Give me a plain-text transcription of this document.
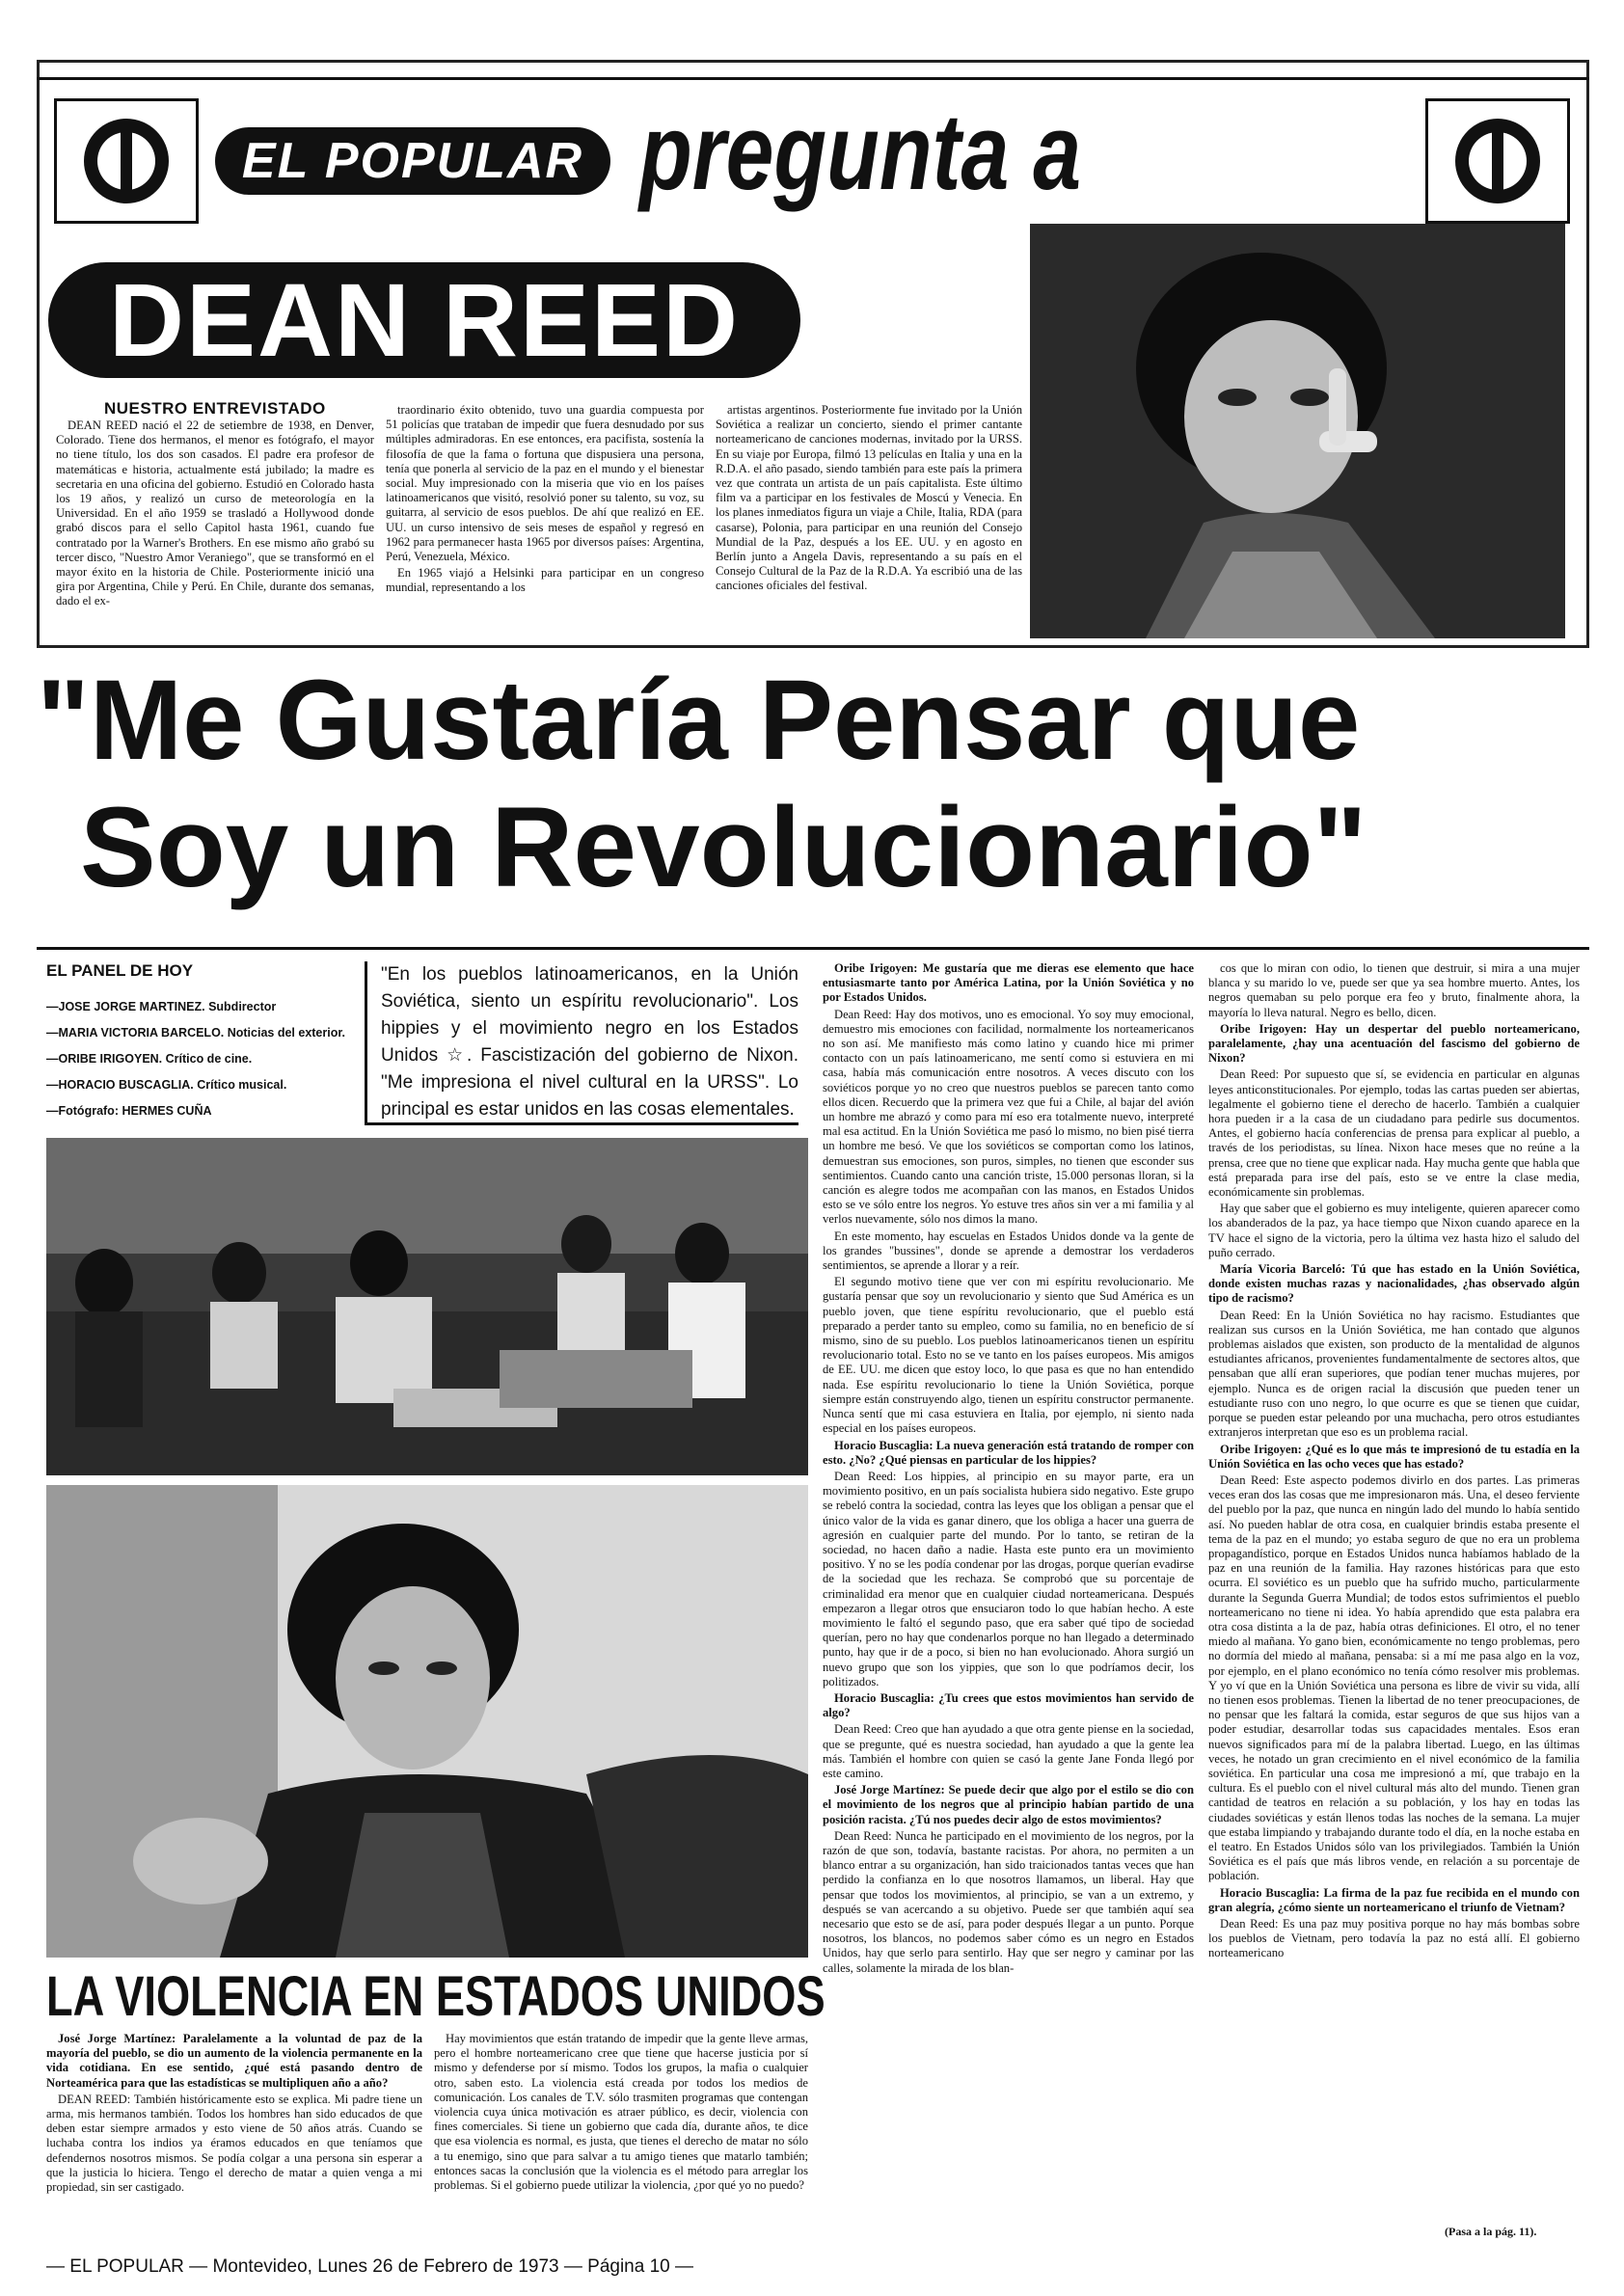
EL POPULAR pregunta a
DEAN REED
NUESTRO ENTREVISTADO

DEAN REED nació el 22 de setiembre de 1938, en Denver, Colorado. Tiene dos hermanos, el menor es fotógrafo, el mayor no tiene título, los dos son casados. El padre era profesor de matemáticas e historia, actualmente está jubilado; la madre es secretaria en una oficina del gobierno. Estudió en Colorado hasta los 19 años, y realizó un curso de meteorología en la Universidad. En el año 1959 se trasladó a Hollywood donde grabó discos para el sello Capitol hasta 1961, cuando fue contratado por la Warner's Brothers. En ese mismo año grabó su tercer disco, "Nuestro Amor Veraniego", que se transformó en el mayor éxito en la historia de Chile. Posteriormente inició una gira por Argentina, Chile y Perú. En Chile, durante dos semanas, dado el ex-

traordinario éxito obtenido, tuvo una guardia compuesta por 51 policías que trataban de impedir que fuera desnudado por sus múltiples admiradoras. En ese entonces, era pacifista, sostenía la filosofía de que la fama o fortuna que dispusiera una persona, tenía que ponerla al servicio de la paz en el mundo y el bienestar social. Muy impresionado con la miseria que vio en los países latinoamericanos que visitó, resolvió poner su talento, su voz, su guitarra, al servicio de esos pueblos. De ahí que realizó en EE. UU. un curso intensivo de seis meses de español y regresó en 1962 para permanecer hasta 1965 por diversos países: Argentina, Perú, Venezuela, México.

En 1965 viajó a Helsinki para participar en un congreso mundial, representando a los

artistas argentinos. Posteriormente fue invitado por la Unión Soviética a realizar un concierto, siendo el primer cantante norteamericano de canciones modernas, invitado por la URSS. En su viaje por Europa, filmó 13 películas en Italia y una en la R.D.A. el año pasado, siendo también para este país la primera vez que contrata un artista de un país capitalista. Este último film va a participar en los festivales de Moscú y Venecia. En los planes inmediatos figura un viaje a Chile, Italia, RDA (para casarse), Polonia, para participar en una reunión del Consejo Mundial de la Paz, después a los EE. UU. y en agosto en Berlín junto a Angela Davis, representando a su país en el Consejo Cultural de la Paz de la R.D.A. Ya escribió una de las canciones oficiales del festival.

"Me Gustaría Pensar que
Soy un Revolucionario"
EL PANEL DE HOY
—JOSE JORGE MARTINEZ. Subdirector
—MARIA VICTORIA BARCELO. Noticias del exterior.
—ORIBE IRIGOYEN. Crítico de cine.
—HORACIO BUSCAGLIA. Crítico musical.
—Fotógrafo: HERMES CUÑA
"En los pueblos latinoamericanos, en la Unión Soviética, siento un espíritu revolucionario". Los hippies y el movimiento negro en los Estados Unidos ☆. Fascistización del gobierno de Nixon. "Me impresiona el nivel cultural en la URSS". Lo principal es estar unidos en las cosas elementales.
LA VIOLENCIA EN ESTADOS UNIDOS

José Jorge Martínez: Paralelamente a la voluntad de paz de la mayoría del pueblo, se dio un aumento de la violencia permanente en la vida cotidiana. En ese sentido, ¿qué está pasando dentro de Norteamérica para que las estadísticas se multipliquen año a año?

DEAN REED: También históricamente esto se explica. Mi padre tiene un arma, mis hermanos también. Todos los hombres han sido educados de que deben estar siempre armados y esto viene de 50 años atrás. Cuando se luchaba contra los indios ya éramos educados en que teníamos que defendernos nosotros mismos. Se podía colgar a una persona sin esperar a que la justicia lo hiciera. Tengo el derecho de matar a quien venga a mi propiedad, sin ser castigado.

Hay movimientos que están tratando de impedir que la gente lleve armas, pero el hombre norteamericano cree que tiene que hacerse justicia por sí mismo y defenderse por sí mismo. Todos los grupos, la mafia o cualquier otro, saben esto. La violencia está creada por todos los medios de comunicación. Los canales de T.V. sólo trasmiten programas que contengan violencia cuya única motivación es atraer público, es decir, violencia con fines comerciales. Si tiene un gobierno que cada día, durante años, te dice que esa violencia es normal, es justa, que tienes el derecho de matar no sólo a tu enemigo, sino que para salvar a tu amigo tienes que matarlo también; entonces sacas la conclusión que la violencia es el método para arreglar los problemas. Si el gobierno puede utilizar la violencia, ¿por qué yo no puedo?

Oribe Irigoyen: Me gustaría que me dieras ese elemento que hace entusiasmarte tanto por América Latina, por la Unión Soviética y no por Estados Unidos.

Dean Reed: Hay dos motivos, uno es emocional. Yo soy muy emocional, demuestro mis emociones con facilidad, normalmente los norteamericanos no son así. Me manifiesto más como latino y cuando hice mi primer contacto con un país latinoamericano, me sentí como si estuviera en mi casa, había más comunicación entre nosotros. A veces discuto con los soviéticos porque yo no creo que nuestros pueblos se parecen tanto como ellos dicen. Recuerdo que la primera vez que fui a Chile, al bajar del avión un hombre me abrazó y como para mí eso era totalmente nuevo, interpreté mal esa actitud. En la Unión Soviética me pasó lo mismo, no bien pisé tierra un hombre me besó. Ve que los soviéticos se comportan como los latinos, demuestran sus emociones, son puros, simples, no tienen que esconder sus sentimientos. Cuando canto una canción triste, 15.000 personas lloran, si la canción es alegre todos me acompañan con las manos, en Estados Unidos esto se ve sólo entre los negros. Yo estuve tres años sin ver a mi familia y al verlos nuevamente, sólo nos dimos la mano.

En este momento, hay escuelas en Estados Unidos donde va la gente de los grandes "bussines", donde se aprende a demostrar los verdaderos sentimientos, se aprende a llorar y a reír.

El segundo motivo tiene que ver con mi espíritu revolucionario. Me gustaría pensar que soy un revolucionario y siento que Sud América es un pueblo joven, que tiene espíritu revolucionario, que el pueblo está preparado a perder tanto su empleo, como su familia, no en beneficio de sí mismo, sino de su pueblo. Los pueblos latinoamericanos tienen un espíritu revolucionario total. Esto no se ve tanto en los países europeos. Mis amigos de EE. UU. me dicen que estoy loco, lo que pasa es que no han entendido nada. Ese espíritu revolucionario lo tiene la Unión Soviética, porque siempre están construyendo algo, tienen un espíritu constructor permanente. Nunca sentí que mi casa estuviera en Italia, por ejemplo, ni siento nada especial en los países europeos.

Horacio Buscaglia: La nueva generación está tratando de romper con esto. ¿No? ¿Qué piensas en particular de los hippies?

Dean Reed: Los hippies, al principio en su mayor parte, era un movimiento positivo, en un país socialista hubiera sido negativo. Este grupo se rebeló contra la sociedad, contra las leyes que los obligan a pensar que el único valor de la vida es ganar dinero, que los obliga a hacer una guerra de agresión en cualquier parte del mundo. Por lo tanto, se retiran de la sociedad, no hacen daño a nadie. Hasta este punto era un movimiento positivo. Y no se les podía condenar por las drogas, porque querían evadirse de la sociedad que les rechaza. Se comprobó que su porcentaje de criminalidad era menor que en cualquier ciudad norteamericana. Después empezaron a llegar otros que ensuciaron todo lo que habían hecho. A este movimiento le faltó el segundo paso, que era saber qué tipo de sociedad querían, pero no hay que condenarlos porque no han llegado a determinado punto, hay que ir de a poco, si bien no han evolucionado. Ahora surgió un nuevo grupo que son los yippies, que son lo que podríamos decir, los politizados.

Horacio Buscaglia: ¿Tu crees que estos movimientos han servido de algo?

Dean Reed: Creo que han ayudado a que otra gente piense en la sociedad, que se pregunte, qué es nuestra sociedad, han ayudado a que la gente lea más. También el hombre con quien se casó la gente Jane Fonda llegó por este camino.

José Jorge Martínez: Se puede decir que algo por el estilo se dio con el movimiento de los negros que al principio habían partido de una posición racista. ¿Tú nos puedes decir algo de estos movimientos?

Dean Reed: Nunca he participado en el movimiento de los negros, por la razón de que son, todavía, bastante racistas. Por ahora, no permiten a un blanco entrar a su organización, han sido traicionados tantas veces que han perdido la confianza en lo que nosotros llamamos, un liberal. Hay que pensar que todos los movimientos, al principio, se van a un extremo, y después se van acercando a su objetivo. Puede ser que también aquí sea necesario que esto se de así, para poder después llegar a un punto. Porque nosotros, los blancos, no podemos saber cómo es un negro en Estados Unidos, hay que serlo para sentirlo. Hay que ser negro y caminar por las calles, solamente la mirada de los blan-

cos que lo miran con odio, lo tienen que destruir, si mira a una mujer blanca y su marido lo ve, puede ser que ya sea hombre muerto. Antes, los negros quemaban su pelo porque era feo y bruto, finalmente ahora, la mayoría lo lleva natural. Negro es bello, dicen.

Oribe Irigoyen: Hay un despertar del pueblo norteamericano, paralelamente, ¿hay una acentuación del fascismo del gobierno de Nixon?

Dean Reed: Por supuesto que sí, se evidencia en particular en algunas leyes anticonstitucionales. Por ejemplo, todas las cartas pueden ser abiertas, legalmente el gobierno tiene el derecho de hacerlo. También a cualquier hora pueden ir a la casa de un ciudadano para pedirle sus documentos. Antes, el gobierno hacía conferencias de prensa para explicar al pueblo, a través de los periodistas, su línea. Nixon hace meses que no reúne a la prensa, cree que no tiene que explicar nada. Hay mucha gente que habla que está preparada para irse del país, esto se ve entre la clase media, económicamente sin problemas.

Hay que saber que el gobierno es muy inteligente, quieren aparecer como los abanderados de la paz, ya hace tiempo que Nixon cuando aparece en la TV hace el signo de la victoria, pero la última vez hasta hizo el saludo del puño cerrado.

María Vicoria Barceló: Tú que has estado en la Unión Soviética, donde existen muchas razas y nacionalidades, ¿has observado algún tipo de racismo?

Dean Reed: En la Unión Soviética no hay racismo. Estudiantes que realizan sus cursos en la Unión Soviética, me han contado que algunos problemas aislados que existen, son producto de la mentalidad de algunos estudiantes africanos, provenientes fundamentalmente de sectores altos, que pensaban que allí eran superiores, que podían tener muchas mujeres, por ejemplo. Nunca es de origen racial la discusión que pueden tener un estudiante ruso con uno negro, lo que ocurre es que se tienen que cuidar, porque se pueden estar peleando por una muchacha, pero otros estudiantes extranjeros interpretan que eso es un problema racial.

Oribe Irigoyen: ¿Qué es lo que más te impresionó de tu estadía en la Unión Soviética en las ocho veces que has estado?

Dean Reed: Este aspecto podemos divirlo en dos partes. Las primeras veces eran dos las cosas que me impresionaron más. Una, el deseo ferviente del pueblo por la paz, que nunca en ningún lado del mundo lo había sentido así. No pueden hablar de otra cosa, en cualquier brindis estaba presente el tema de la paz en el mundo; yo estaba seguro de que no era un problema propagandístico, porque en Estados Unidos nunca habíamos hablado de la paz en una reunión de la familia. Hay razones históricas para que esto ocurra. El soviético es un pueblo que ha sufrido mucho, particularmente durante la Segunda Guerra Mundial; de todos estos sufrimientos el pueblo norteamericano no tiene ni idea. Yo había aprendido que esta palabra era otra cosa distinta a la de paz, había otras definiciones. El otro, el no tener miedo al mañana. Yo gano bien, económicamente no tengo problemas, pero no dormía del miedo al mañana, pensaba: si a mí me pasa algo en la voz, por ejemplo, en el plano económico no tenía cómo resolver mis problemas. Y yo ví que en la Unión Soviética una persona es libre de vivir su vida, allí no tienen esos problemas. Tienen la libertad de no tener preocupaciones, de no pensar que les faltará la comida, estar seguros de que sus hijos van a poder estudiar, desarrollar todas sus capacidades mentales. Esos eran nuevos significados para mí de la palabra libertad. Luego, en las últimas veces, he notado un gran crecimiento en el nivel económico de la familia soviética. En particular una cosa me impresionó a mí, que trabajo en la cultura. Es el pueblo con el nivel cultural más alto del mundo. Tienen gran cantidad de teatros en relación a su población, y los hay en todas las ciudades soviéticas y están llenos todas las noches de la semana. La mujer que estaba limpiando y trabajando durante todo el día, en la noche estaba en el teatro. En Estados Unidos sólo van los privilegiados. También la Unión Soviética es el país que más libros vende, en relación a su porcentaje de población.

Horacio Buscaglia: La firma de la paz fue recibida en el mundo con gran alegría, ¿cómo siente un norteamericano el triunfo de Vietnam?

Dean Reed: Es una paz muy positiva porque no hay más bombas sobre los pueblos de Vietnam, pero todavía la paz no está allí. El gobierno norteamericano

(Pasa a la pág. 11).
— EL POPULAR — Montevideo, Lunes 26 de Febrero de 1973 — Página 10 —
